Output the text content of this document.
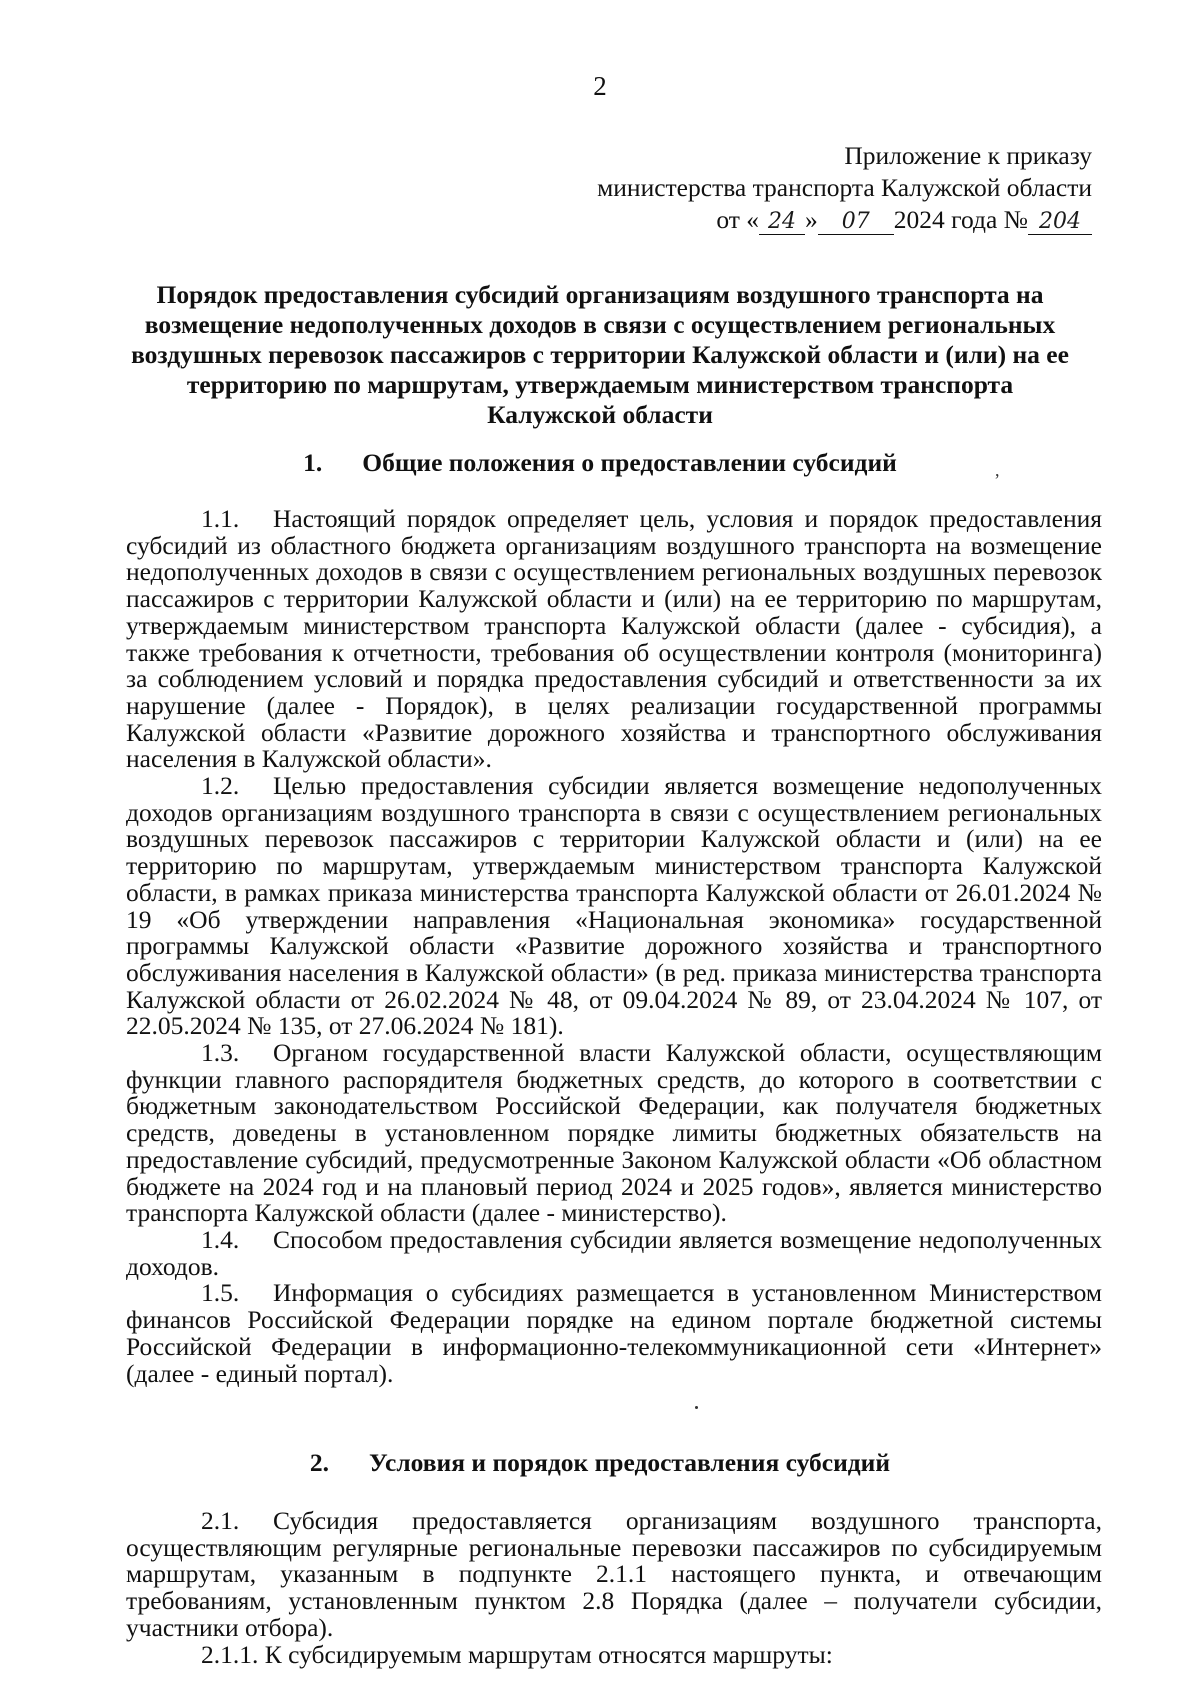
2
Приложение к приказу
министерства транспорта Калужской области
от « 24 » 07 2024 года № 204
Порядок предоставления субсидий организациям воздушного транспорта на
возмещение недополученных доходов в связи с осуществлением региональных
воздушных перевозок пассажиров с территории Калужской области и (или) на ее
территорию по маршрутам, утверждаемым министерством транспорта
Калужской области
1. Общие положения о предоставлении субсидий	,

1.1. Настоящий порядок определяет цель, условия и порядок предоставления субсидий из областного бюджета организациям воздушного транспорта на возмещение недополученных доходов в связи с осуществлением региональных воздушных перевозок пассажиров с территории Калужской области и (или) на ее территорию по маршрутам, утверждаемым министерством транспорта Калужской области (далее - субсидия), а также требования к отчетности, требования об осуществлении контроля (мониторинга) за соблюдением условий и порядка предоставления субсидий и ответственности за их нарушение (далее - Порядок), в целях реализации государственной программы Калужской области «Развитие дорожного хозяйства и транспортного обслуживания населения в Калужской области».

1.2. Целью предоставления субсидии является возмещение недополученных доходов организациям воздушного транспорта в связи с осуществлением региональных воздушных перевозок пассажиров с территории Калужской области и (или) на ее территорию по маршрутам, утверждаемым министерством транспорта Калужской области, в рамках приказа министерства транспорта Калужской области от 26.01.2024 № 19 «Об утверждении направления «Национальная экономика» государственной программы Калужской области «Развитие дорожного хозяйства и транспортного обслуживания населения в Калужской области» (в ред. приказа министерства транспорта Калужской области от 26.02.2024 № 48, от 09.04.2024 № 89, от 23.04.2024 № 107, от 22.05.2024 № 135, от 27.06.2024 № 181).

1.3. Органом государственной власти Калужской области, осуществляющим функции главного распорядителя бюджетных средств, до которого в соответствии с бюджетным законодательством Российской Федерации, как получателя бюджетных средств, доведены в установленном порядке лимиты бюджетных обязательств на предоставление субсидий, предусмотренные Законом Калужской области «Об областном бюджете на 2024 год и на плановый период 2024 и 2025 годов», является министерство транспорта Калужской области (далее - министерство).

1.4. Способом предоставления субсидии является возмещение недополученных доходов.

1.5. Информация о субсидиях размещается в установленном Министерством финансов Российской Федерации порядке на едином портале бюджетной системы Российской Федерации в информационно-телекоммуникационной сети «Интернет» (далее - единый портал).

2. Условия и порядок предоставления субсидий

2.1. Субсидия предоставляется организациям воздушного транспорта, осуществляющим регулярные региональные перевозки пассажиров по субсидируемым маршрутам, указанным в подпункте 2.1.1 настоящего пункта, и отвечающим требованиям, установленным пунктом 2.8 Порядка (далее – получатели субсидии, участники отбора).

2.1.1. К субсидируемым маршрутам относятся маршруты:
